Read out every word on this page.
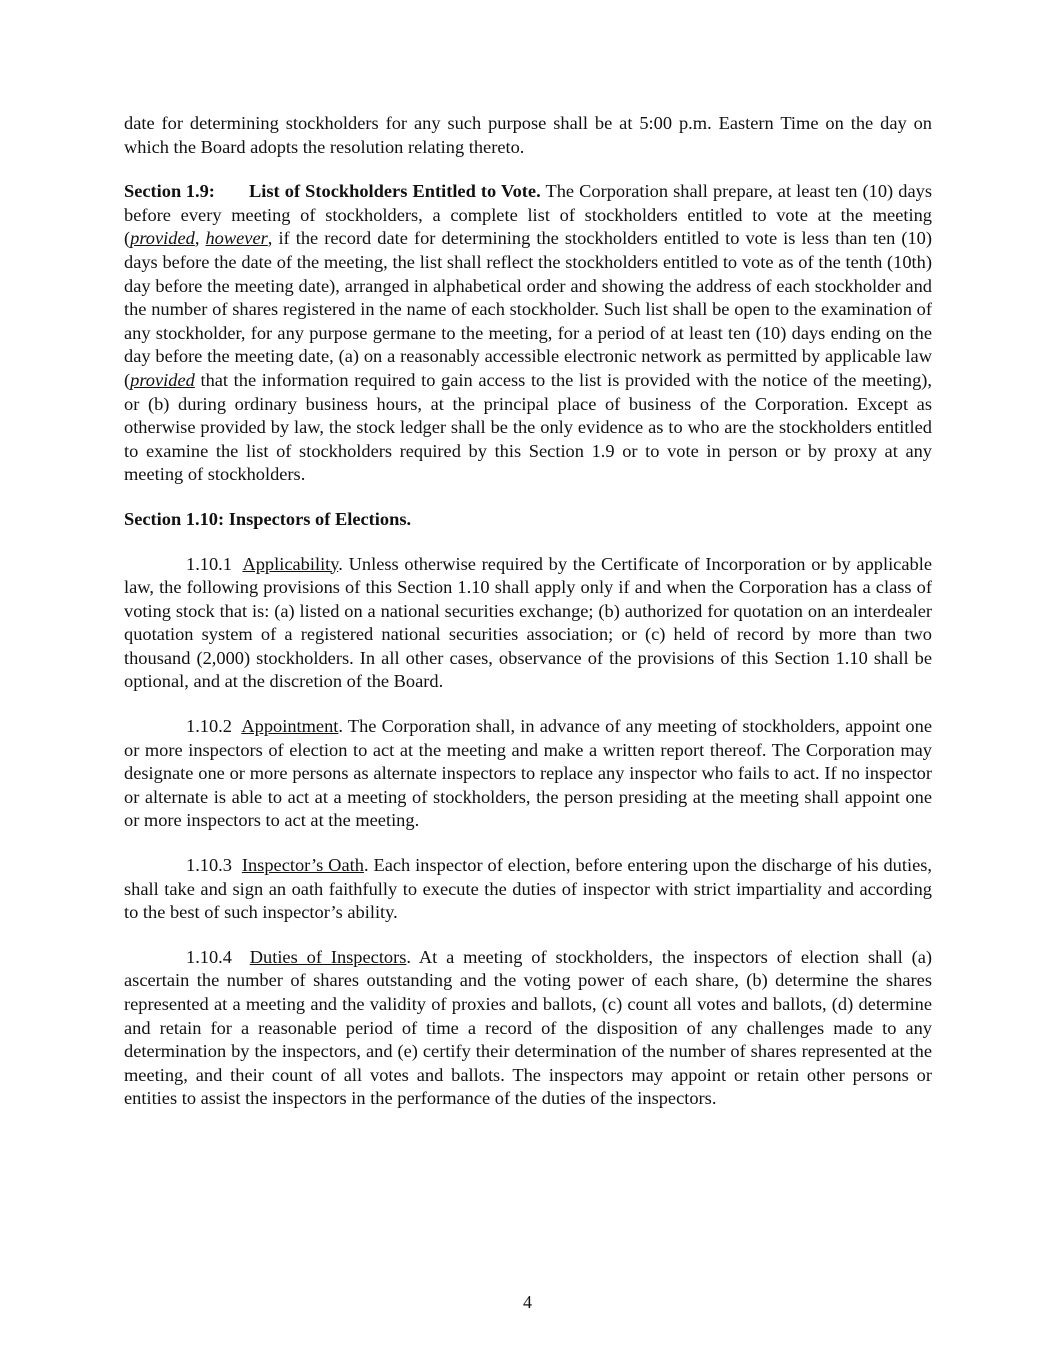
date for determining stockholders for any such purpose shall be at 5:00 p.m. Eastern Time on the day on which the Board adopts the resolution relating thereto.

Section 1.9: List of Stockholders Entitled to Vote. The Corporation shall prepare, at least ten (10) days before every meeting of stockholders, a complete list of stockholders entitled to vote at the meeting (provided, however, if the record date for determining the stockholders entitled to vote is less than ten (10) days before the date of the meeting, the list shall reflect the stockholders entitled to vote as of the tenth (10th) day before the meeting date), arranged in alphabetical order and showing the address of each stockholder and the number of shares registered in the name of each stockholder. Such list shall be open to the examination of any stockholder, for any purpose germane to the meeting, for a period of at least ten (10) days ending on the day before the meeting date, (a) on a reasonably accessible electronic network as permitted by applicable law (provided that the information required to gain access to the list is provided with the notice of the meeting), or (b) during ordinary business hours, at the principal place of business of the Corporation. Except as otherwise provided by law, the stock ledger shall be the only evidence as to who are the stockholders entitled to examine the list of stockholders required by this Section 1.9 or to vote in person or by proxy at any meeting of stockholders.

Section 1.10: Inspectors of Elections.

1.10.1  Applicability. Unless otherwise required by the Certificate of Incorporation or by applicable law, the following provisions of this Section 1.10 shall apply only if and when the Corporation has a class of voting stock that is: (a) listed on a national securities exchange; (b) authorized for quotation on an interdealer quotation system of a registered national securities association; or (c) held of record by more than two thousand (2,000) stockholders. In all other cases, observance of the provisions of this Section 1.10 shall be optional, and at the discretion of the Board.

1.10.2  Appointment. The Corporation shall, in advance of any meeting of stockholders, appoint one or more inspectors of election to act at the meeting and make a written report thereof. The Corporation may designate one or more persons as alternate inspectors to replace any inspector who fails to act. If no inspector or alternate is able to act at a meeting of stockholders, the person presiding at the meeting shall appoint one or more inspectors to act at the meeting.

1.10.3  Inspector’s Oath. Each inspector of election, before entering upon the discharge of his duties, shall take and sign an oath faithfully to execute the duties of inspector with strict impartiality and according to the best of such inspector’s ability.

1.10.4  Duties of Inspectors. At a meeting of stockholders, the inspectors of election shall (a) ascertain the number of shares outstanding and the voting power of each share, (b) determine the shares represented at a meeting and the validity of proxies and ballots, (c) count all votes and ballots, (d) determine and retain for a reasonable period of time a record of the disposition of any challenges made to any determination by the inspectors, and (e) certify their determination of the number of shares represented at the meeting, and their count of all votes and ballots. The inspectors may appoint or retain other persons or entities to assist the inspectors in the performance of the duties of the inspectors.

4
